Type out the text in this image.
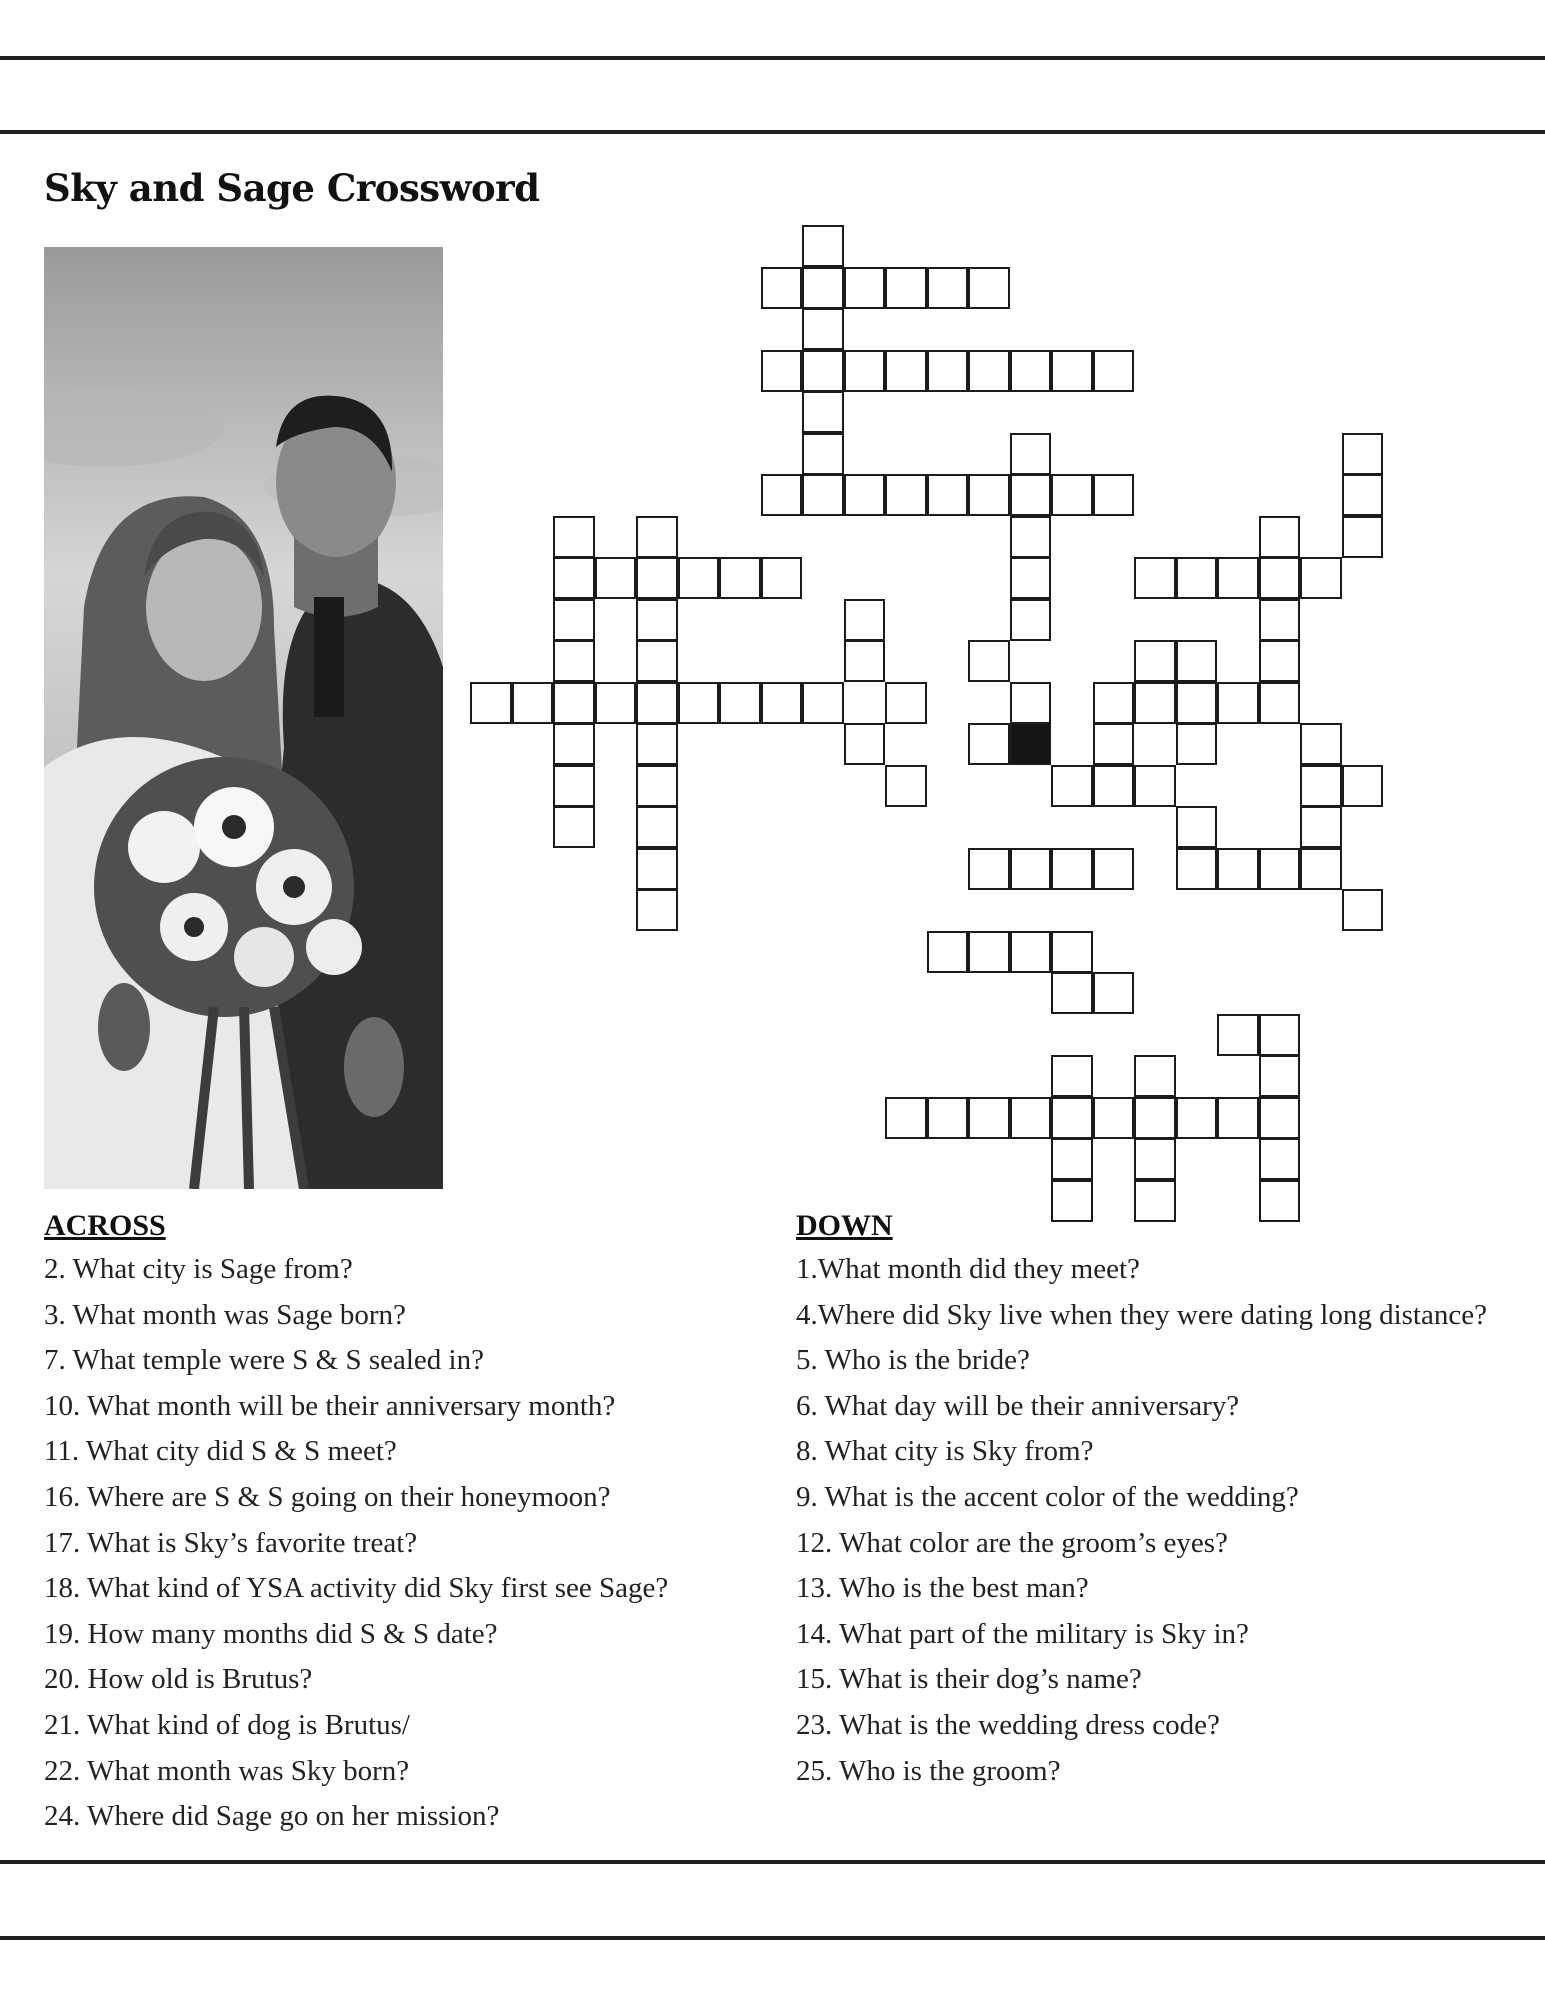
Sky and Sage Crossword
ACROSS
2. What city is Sage from?
3. What month was Sage born?
7. What temple were S & S sealed in?
10. What month will be their anniversary month?
11. What city did S & S meet?
16. Where are S & S going on their honeymoon?
17. What is Sky’s favorite treat?
18. What kind of YSA activity did Sky first see Sage?
19. How many months did S & S date?
20. How old is Brutus?
21. What kind of dog is Brutus/
22. What month was Sky born?
24. Where did Sage go on her mission?
DOWN
1.What month did they meet?
4.Where did Sky live when they were dating long distance?
5. Who is the bride?
6. What day will be their anniversary?
8. What city is Sky from?
9. What is the accent color of the wedding?
12. What color are the groom’s eyes?
13. Who is the best man?
14. What part of the military is Sky in?
15. What is their dog’s name?
23. What is the wedding dress code?
25. Who is the groom?
